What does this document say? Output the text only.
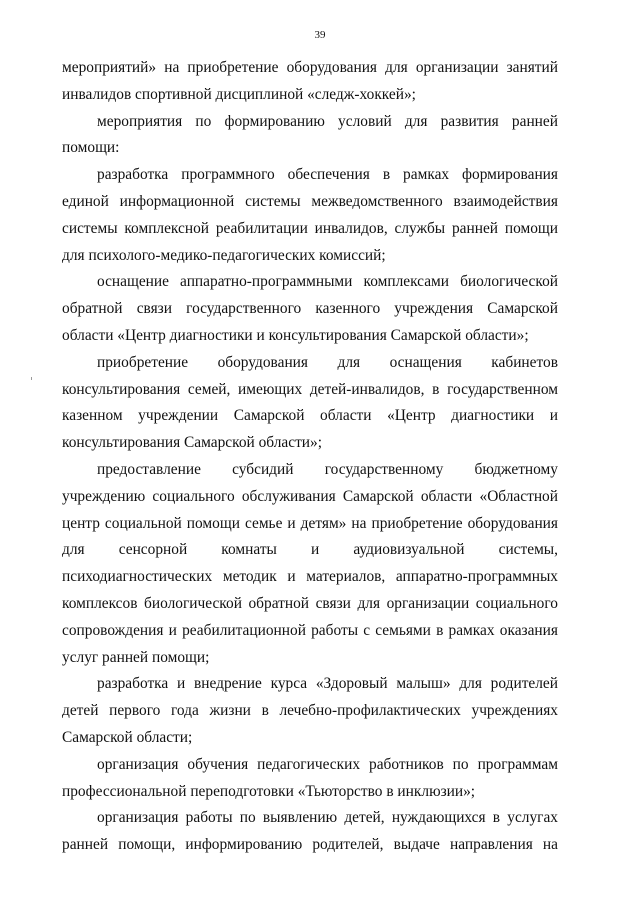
39
мероприятий» на приобретение оборудования для организации занятий
инвалидов спортивной дисциплиной «следж-хоккей»;
мероприятия по формированию условий для развития ранней
помощи:
разработка программного обеспечения в рамках формирования
единой информационной системы межведомственного взаимодействия
системы комплексной реабилитации инвалидов, службы ранней помощи
для психолого-медико-педагогических комиссий;
оснащение аппаратно-программными комплексами биологической
обратной связи государственного казенного учреждения Самарской
области «Центр диагностики и консультирования Самарской области»;
приобретение оборудования для оснащения кабинетов
консультирования семей, имеющих детей-инвалидов, в государственном
казенном учреждении Самарской области «Центр диагностики и
консультирования Самарской области»;
предоставление субсидий государственному бюджетному
учреждению социального обслуживания Самарской области «Областной
центр социальной помощи семье и детям» на приобретение оборудования
для сенсорной комнаты и аудиовизуальной системы,
психодиагностических методик и материалов, аппаратно-программных
комплексов биологической обратной связи для организации социального
сопровождения и реабилитационной работы с семьями в рамках оказания
услуг ранней помощи;
разработка и внедрение курса «Здоровый малыш» для родителей
детей первого года жизни в лечебно-профилактических учреждениях
Самарской области;
организация обучения педагогических работников по программам
профессиональной переподготовки «Тьюторство в инклюзии»;
организация работы по выявлению детей, нуждающихся в услугах
ранней помощи, информированию родителей, выдаче направления на
